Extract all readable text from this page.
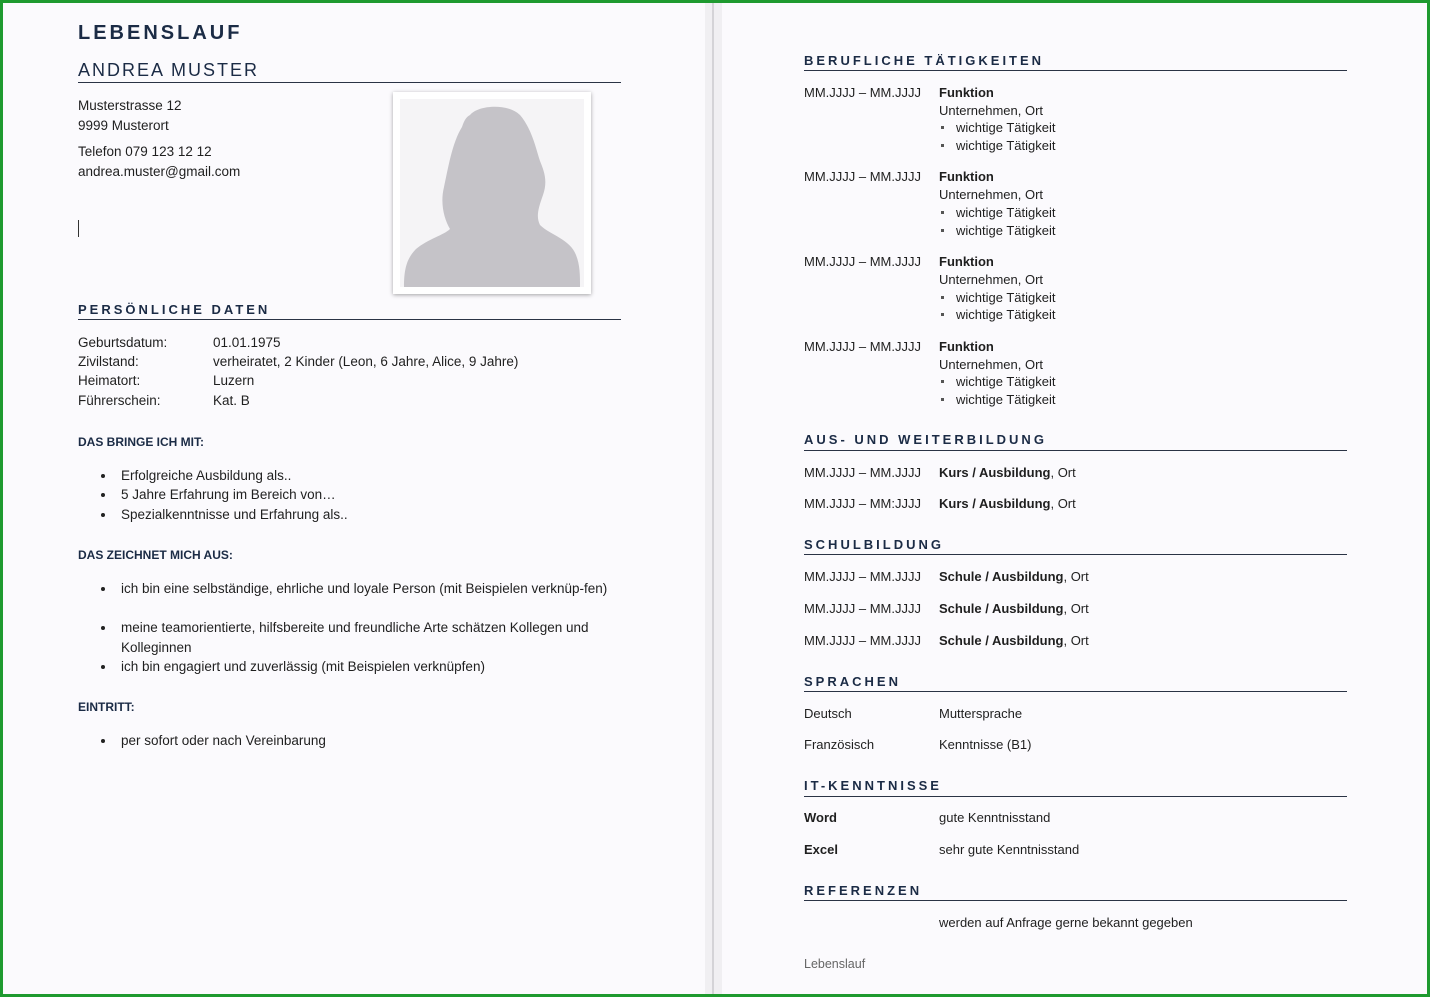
LEBENSLAUF
ANDREA MUSTER
Musterstrasse 12
9999 Musterort
Telefon 079 123 12 12
andrea.muster@gmail.com
PERSÖNLICHE DATEN
Geburtsdatum:	01.01.1975
Zivilstand:	verheiratet, 2 Kinder (Leon, 6 Jahre, Alice, 9 Jahre)
Heimatort:	Luzern
Führerschein:	Kat. B
DAS BRINGE ICH MIT:
Erfolgreiche Ausbildung als..
5 Jahre Erfahrung im Bereich von…
Spezialkenntnisse und Erfahrung als..
DAS ZEICHNET MICH AUS:
ich bin eine selbständige, ehrliche und loyale Person (mit Beispielen verknüp-fen)
meine teamorientierte, hilfsbereite und freundliche Arte schätzen Kollegen und Kolleginnen
ich bin engagiert und zuverlässig (mit Beispielen verknüpfen)
EINTRITT:
per sofort oder nach Vereinbarung
BERUFLICHE TÄTIGKEITEN
MM.JJJJ – MM.JJJJ Funktion
Unternehmen, Ort
wichtige Tätigkeit
wichtige Tätigkeit
MM.JJJJ – MM.JJJJ Funktion
Unternehmen, Ort
wichtige Tätigkeit
wichtige Tätigkeit
MM.JJJJ – MM.JJJJ Funktion
Unternehmen, Ort
wichtige Tätigkeit
wichtige Tätigkeit
MM.JJJJ – MM.JJJJ Funktion
Unternehmen, Ort
wichtige Tätigkeit
wichtige Tätigkeit
AUS- UND WEITERBILDUNG
MM.JJJJ – MM.JJJJ Kurs / Ausbildung, Ort
MM.JJJJ – MM:JJJJ Kurs / Ausbildung, Ort
SCHULBILDUNG
MM.JJJJ – MM.JJJJ Schule / Ausbildung, Ort
MM.JJJJ – MM.JJJJ Schule / Ausbildung, Ort
MM.JJJJ – MM.JJJJ Schule / Ausbildung, Ort
SPRACHEN
Deutsch	Muttersprache
Französisch	Kenntnisse (B1)
IT-KENNTNISSE
Word	gute Kenntnisstand
Excel	sehr gute Kenntnisstand
REFERENZEN
werden auf Anfrage gerne bekannt gegeben
Lebenslauf
